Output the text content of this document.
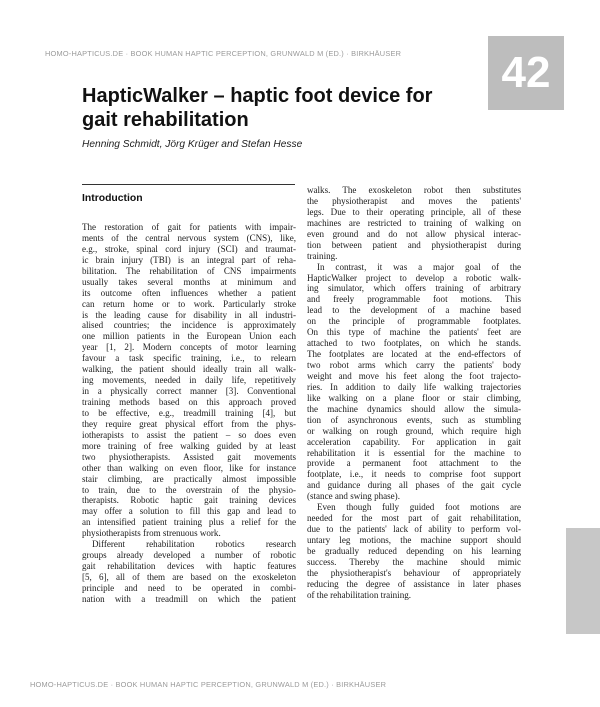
HOMO-HAPTICUS.DE · BOOK HUMAN HAPTIC PERCEPTION, GRUNWALD M (ED.) · BIRKHÄUSER	42
HapticWalker – haptic foot device for
gait rehabilitation
Henning Schmidt, Jörg Krüger and Stefan Hesse
Introduction
The restoration of gait for patients with impair-
ments of the central nervous system (CNS), like,
e.g., stroke, spinal cord injury (SCI) and traumat-
ic brain injury (TBI) is an integral part of reha-
bilitation. The rehabilitation of CNS impairments
usually takes several months at minimum and
its outcome often influences whether a patient
can return home or to work. Particularly stroke
is the leading cause for disability in all industri-
alised countries; the incidence is approximately
one million patients in the European Union each
year [1, 2]. Modern concepts of motor learning
favour a task specific training, i.e., to relearn
walking, the patient should ideally train all walk-
ing movements, needed in daily life, repetitively
in a physically correct manner [3]. Conventional
training methods based on this approach proved
to be effective, e.g., treadmill training [4], but
they require great physical effort from the phys-
iotherapists to assist the patient – so does even
more training of free walking guided by at least
two physiotherapists. Assisted gait movements
other than walking on even floor, like for instance
stair climbing, are practically almost impossible
to train, due to the overstrain of the physio-
therapists. Robotic haptic gait training devices
may offer a solution to fill this gap and lead to
an intensified patient training plus a relief for the
physiotherapists from strenuous work.
Different rehabilitation robotics research
groups already developed a number of robotic
gait rehabilitation devices with haptic features
[5, 6], all of them are based on the exoskeleton
principle and need to be operated in combi-
nation with a treadmill on which the patient
walks. The exoskeleton robot then substitutes
the physiotherapist and moves the patients'
legs. Due to their operating principle, all of these
machines are restricted to training of walking on
even ground and do not allow physical interac-
tion between patient and physiotherapist during
training.
In contrast, it was a major goal of the
HapticWalker project to develop a robotic walk-
ing simulator, which offers training of arbitrary
and freely programmable foot motions. This
lead to the development of a machine based
on the principle of programmable footplates.
On this type of machine the patients' feet are
attached to two footplates, on which he stands.
The footplates are located at the end-effectors of
two robot arms which carry the patients' body
weight and move his feet along the foot trajecto-
ries. In addition to daily life walking trajectories
like walking on a plane floor or stair climbing,
the machine dynamics should allow the simula-
tion of asynchronous events, such as stumbling
or walking on rough ground, which require high
acceleration capability. For application in gait
rehabilitation it is essential for the machine to
provide a permanent foot attachment to the
footplate, i.e., it needs to comprise foot support
and guidance during all phases of the gait cycle
(stance and swing phase).
Even though fully guided foot motions are
needed for the most part of gait rehabilitation,
due to the patients' lack of ability to perform vol-
untary leg motions, the machine support should
be gradually reduced depending on his learning
success. Thereby the machine should mimic
the physiotherapist's behaviour of appropriately
reducing the degree of assistance in later phases
of the rehabilitation training.
HOMO-HAPTICUS.DE · BOOK HUMAN HAPTIC PERCEPTION, GRUNWALD M (ED.) · BIRKHÄUSER
